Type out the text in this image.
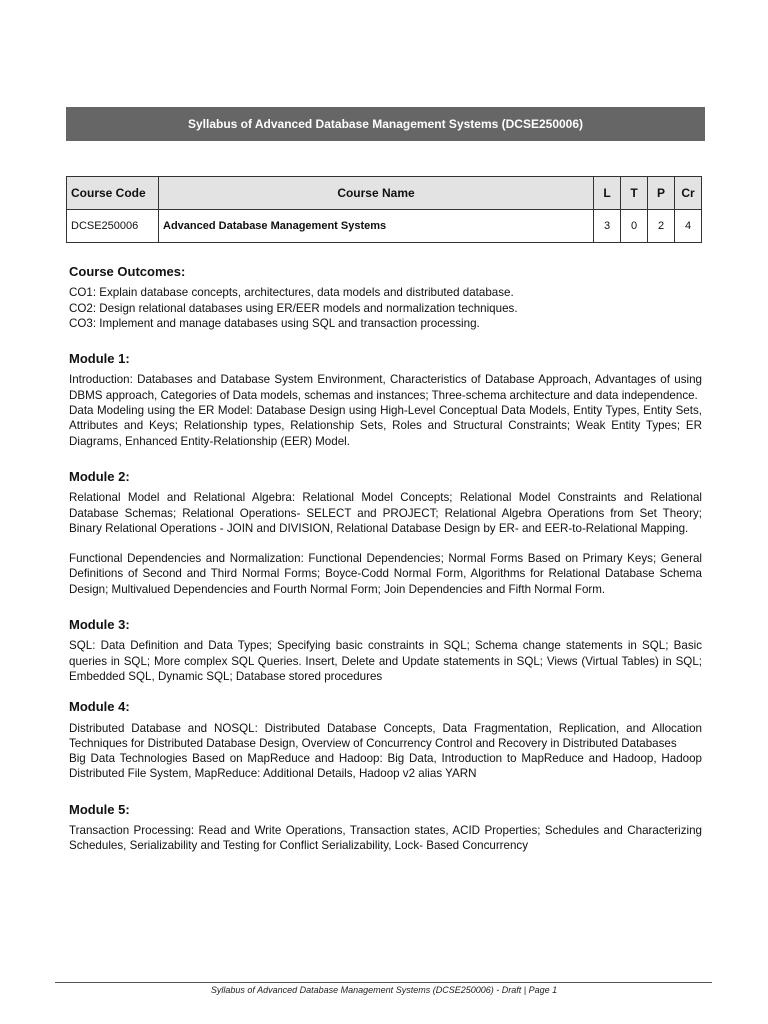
Syllabus of Advanced Database Management Systems (DCSE250006)
Course Code	Course Name	L	T	P	Cr
DCSE250006	Advanced Database Management Systems	3	0	2	4
Course Outcomes:

CO1: Explain database concepts, architectures, data models and distributed database.

CO2: Design relational databases using ER/EER models and normalization techniques.

CO3: Implement and manage databases using SQL and transaction processing.

Module 1:

Introduction: Databases and Database System Environment, Characteristics of Database Approach, Advantages of using DBMS approach, Categories of Data models, schemas and instances; Three-schema architecture and data independence.

Data Modeling using the ER Model: Database Design using High-Level Conceptual Data Models, Entity Types, Entity Sets, Attributes and Keys; Relationship types, Relationship Sets, Roles and Structural Constraints; Weak Entity Types; ER Diagrams, Enhanced Entity-Relationship (EER) Model.

Module 2:

Relational Model and Relational Algebra: Relational Model Concepts; Relational Model Constraints and Relational Database Schemas; Relational Operations- SELECT and PROJECT; Relational Algebra Operations from Set Theory; Binary Relational Operations - JOIN and DIVISION, Relational Database Design by ER- and EER-to-Relational Mapping.

Functional Dependencies and Normalization: Functional Dependencies; Normal Forms Based on Primary Keys; General Definitions of Second and Third Normal Forms; Boyce-Codd Normal Form, Algorithms for Relational Database Schema Design; Multivalued Dependencies and Fourth Normal Form; Join Dependencies and Fifth Normal Form.

Module 3:

SQL: Data Definition and Data Types; Specifying basic constraints in SQL; Schema change statements in SQL; Basic queries in SQL; More complex SQL Queries. Insert, Delete and Update statements in SQL; Views (Virtual Tables) in SQL; Embedded SQL, Dynamic SQL; Database stored procedures

Module 4:

Distributed Database and NOSQL: Distributed Database Concepts, Data Fragmentation, Replication, and Allocation Techniques for Distributed Database Design, Overview of Concurrency Control and Recovery in Distributed Databases

Big Data Technologies Based on MapReduce and Hadoop: Big Data, Introduction to MapReduce and Hadoop, Hadoop Distributed File System, MapReduce: Additional Details, Hadoop v2 alias YARN

Module 5:

Transaction Processing: Read and Write Operations, Transaction states, ACID Properties; Schedules and Characterizing Schedules, Serializability and Testing for Conflict Serializability, Lock- Based Concurrency

Syllabus of Advanced Database Management Systems (DCSE250006) - Draft | Page 1
